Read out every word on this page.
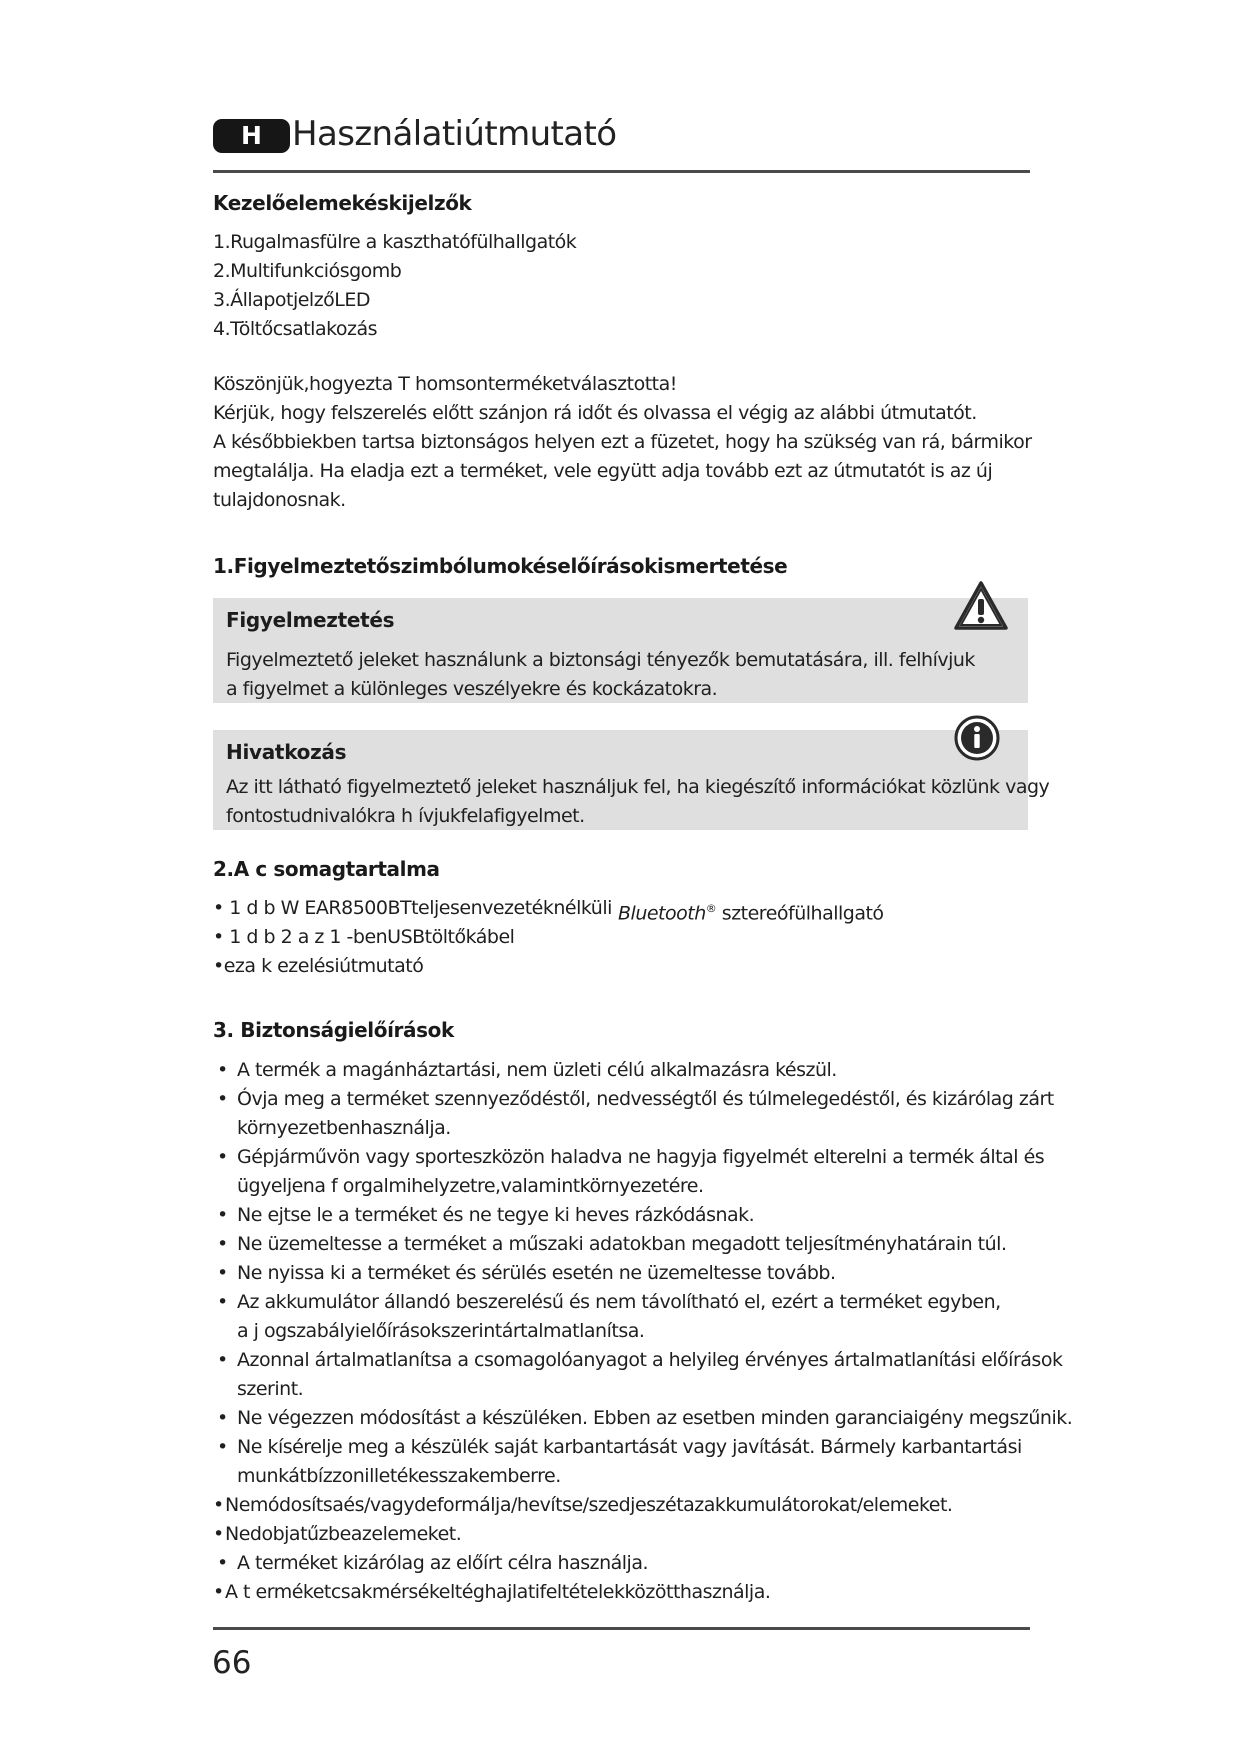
H Használatiútmutató
Kezelőelemekéskijelzők
1.Rugalmasfülre a kaszthatófülhallgatók
2.Multifunkciósgomb
3.ÁllapotjelzőLED
4.Töltőcsatlakozás
Köszönjük,hogyezta T homsonterméketválasztotta!
Kérjük, hogy felszerelés előtt szánjon rá időt és olvassa el végig az alábbi útmutatót.
A későbbiekben tartsa biztonságos helyen ezt a füzetet, hogy ha szükség van rá, bármikor
megtalálja. Ha eladja ezt a terméket, vele együtt adja tovább ezt az útmutatót is az új
tulajdonosnak.
1.Figyelmeztetőszimbólumokéselőírásokismertetése
Figyelmeztetés
Figyelmeztető jeleket használunk a biztonsági tényezők bemutatására, ill. felhívjuk
a figyelmet a különleges veszélyekre és kockázatokra.
Hivatkozás
Az itt látható figyelmeztető jeleket használjuk fel, ha kiegészítő információkat közlünk vagy
fontostudnivalókra h ívjukfelafigyelmet.
2.A c somagtartalma
• 1 d b W EAR8500BTteljesenvezetéknélküli
• 1 d b 2 a z 1 -benUSBtöltőkábel
•eza k ezelésiútmutató
Bluetooth® sztereófülhallgató
3. Biztonságielőírások
• A termék a magánháztartási, nem üzleti célú alkalmazásra készül.
• Óvja meg a terméket szennyeződéstől, nedvességtől és túlmelegedéstől, és kizárólag zárt
környezetbenhasználja.
• Gépjárművön vagy sporteszközön haladva ne hagyja figyelmét elterelni a termék által és
ügyeljena f orgalmihelyzetre,valamintkörnyezetére.
• Ne ejtse le a terméket és ne tegye ki heves rázkódásnak.
• Ne üzemeltesse a terméket a műszaki adatokban megadott teljesítményhatárain túl.
• Ne nyissa ki a terméket és sérülés esetén ne üzemeltesse tovább.
• Az akkumulátor állandó beszerelésű és nem távolítható el, ezért a terméket egyben,
a j ogszabályielőírásokszerintártalmatlanítsa.
• Azonnal ártalmatlanítsa a csomagolóanyagot a helyileg érvényes ártalmatlanítási előírások
szerint.
• Ne végezzen módosítást a készüléken. Ebben az esetben minden garanciaigény megszűnik.
• Ne kísérelje meg a készülék saját karbantartását vagy javítását. Bármely karbantartási
munkátbízzonilletékesszakemberre.
• Nemódosítsaés/vagydeformálja/hevítse/szedjeszétazakkumulátorokat/elemeket.
• Nedobjatűzbeazelemeket.
• A terméket kizárólag az előírt célra használja.
• A t erméketcsakmérsékeltéghajlatifeltételekközötthasználja.
66
